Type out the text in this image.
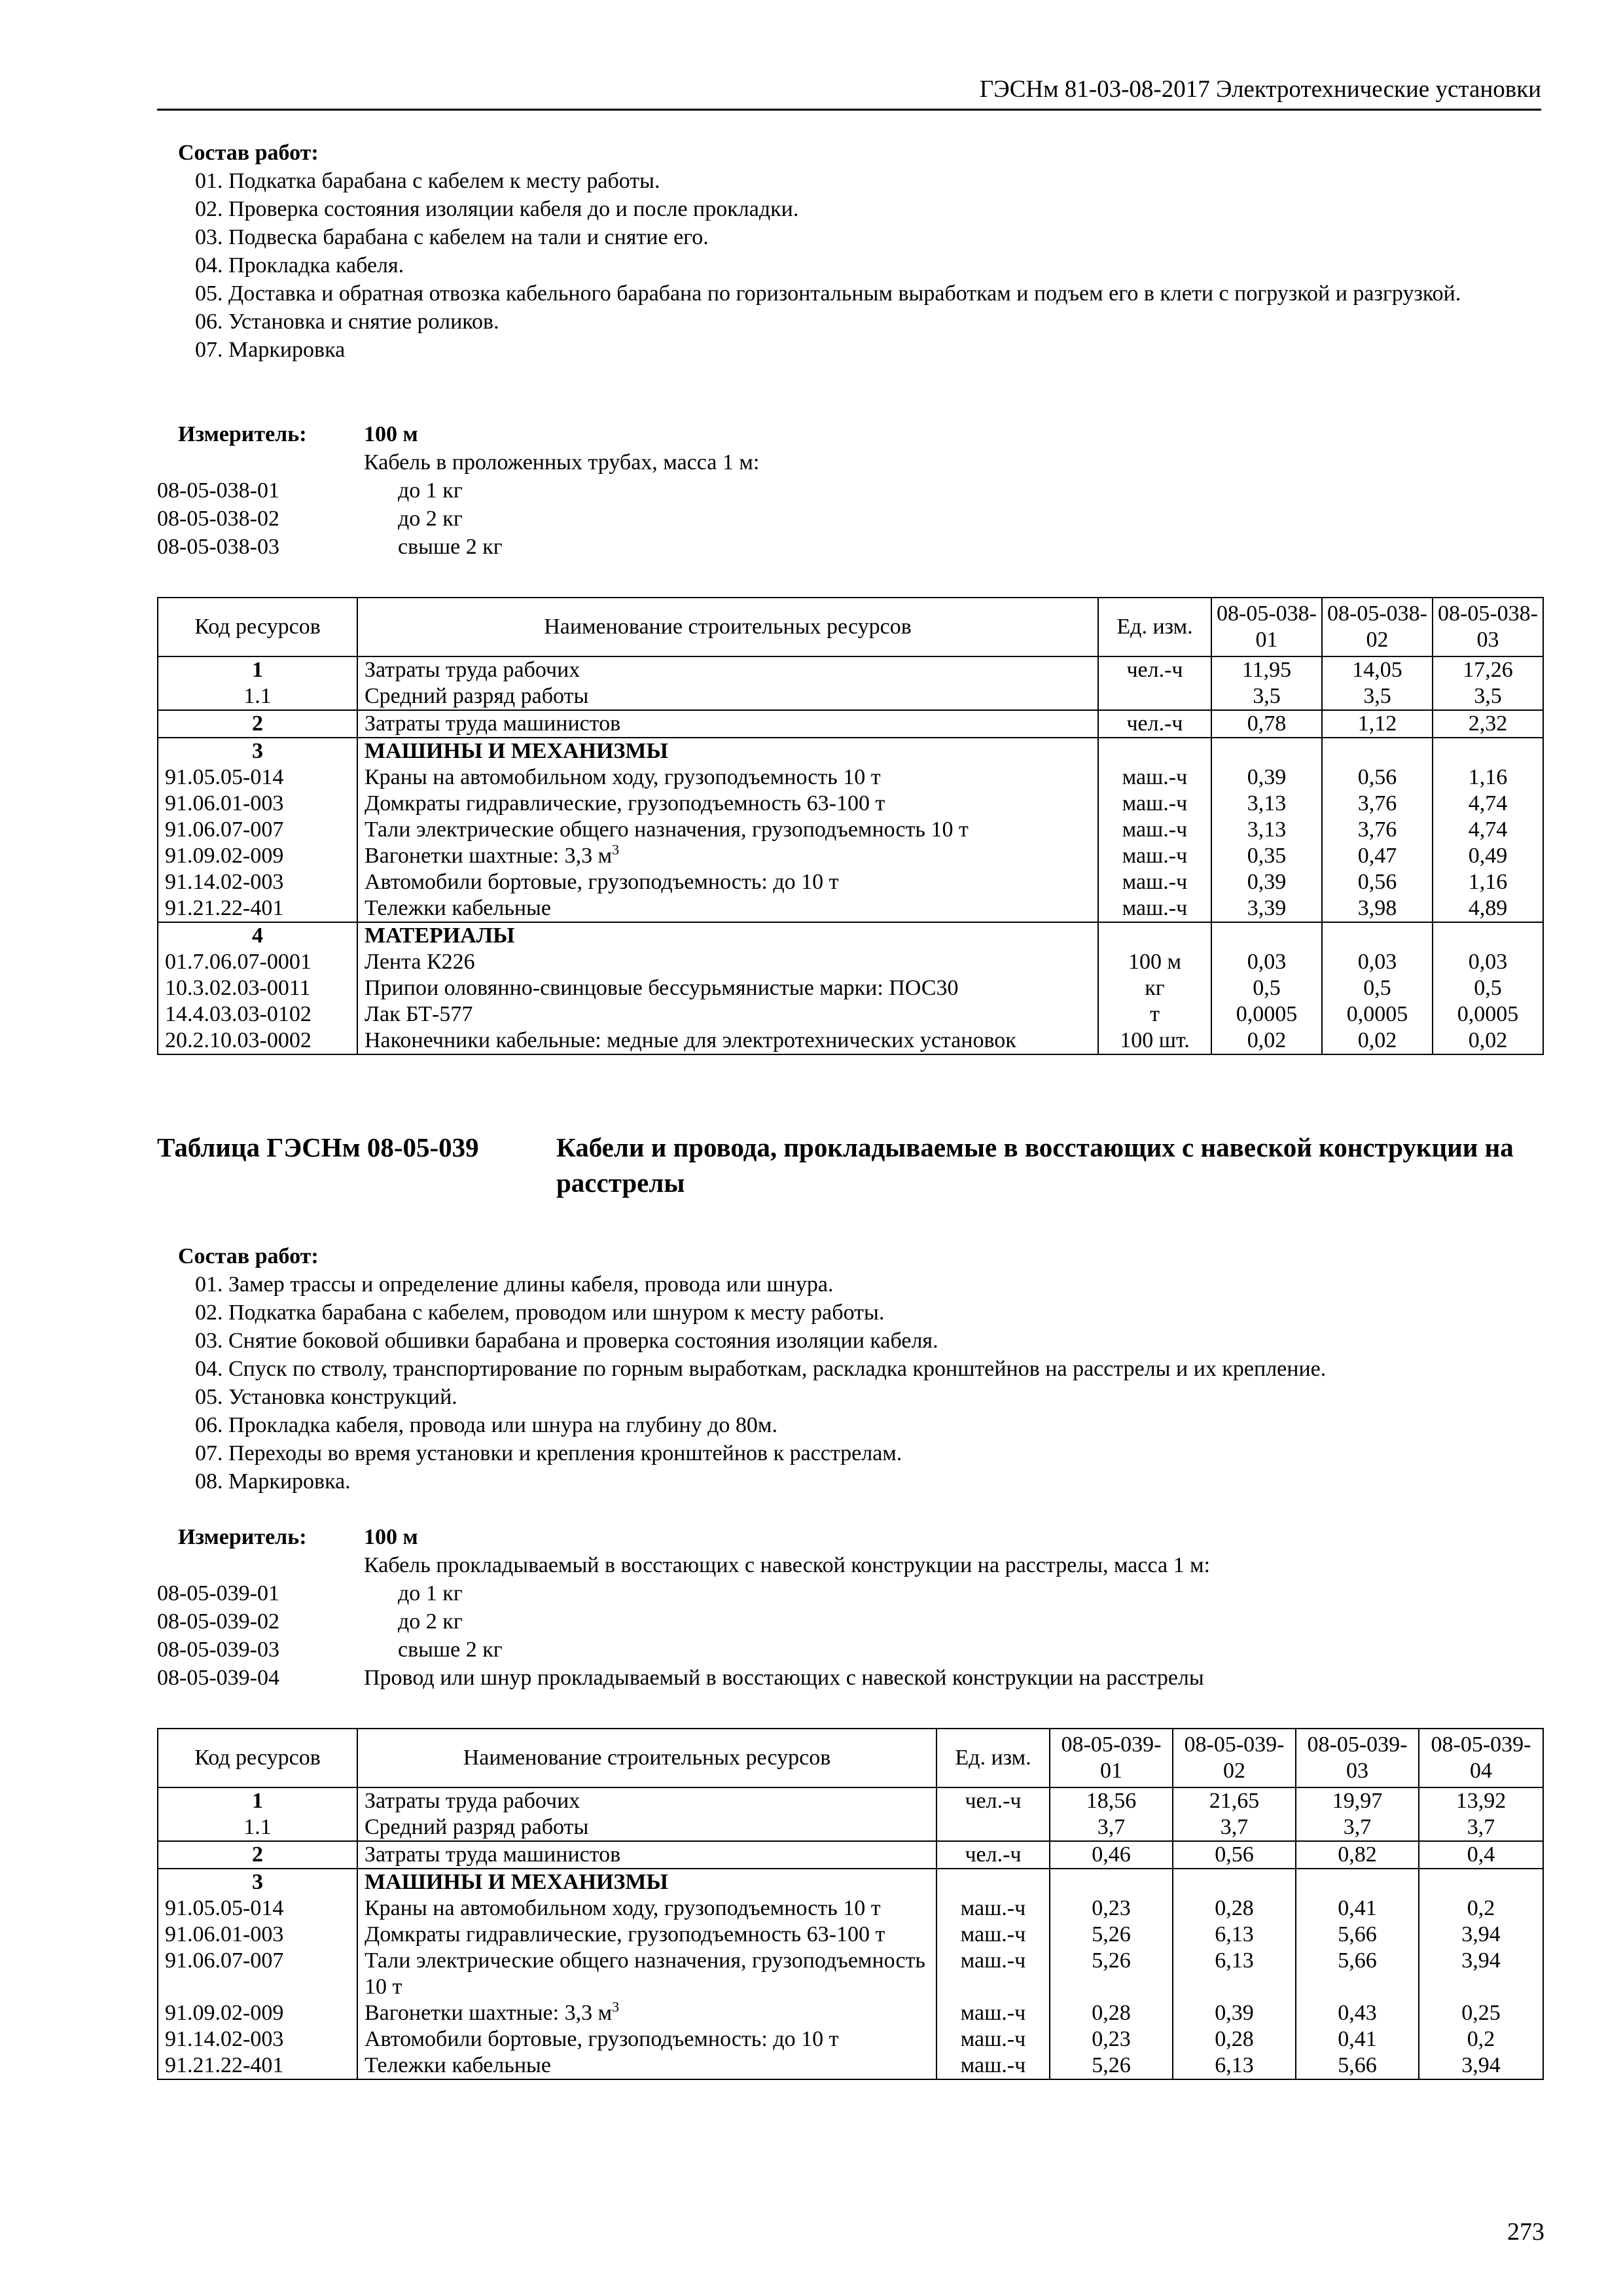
ГЭСНм 81-03-08-2017 Электротехнические установки
Состав работ:
01. Подкатка барабана с кабелем к месту работы.
02. Проверка состояния изоляции кабеля до и после прокладки.
03. Подвеска барабана с кабелем на тали и снятие его.
04. Прокладка кабеля.
05. Доставка и обратная отвозка кабельного барабана по горизонтальным выработкам и подъем его в клети с погрузкой и разгрузкой.
06. Установка и снятие роликов.
07. Маркировка
Измеритель:	100 м
Кабель в проложенных трубах, масса 1 м:
08-05-038-01	до 1 кг
08-05-038-02	до 2 кг
08-05-038-03	свыше 2 кг
Код ресурсов	Наименование строительных ресурсов	Ед. изм.	08-05-038-01	08-05-038-02	08-05-038-03
1	Затраты труда рабочих	чел.-ч	11,95	14,05	17,26
1.1	Средний разряд работы		3,5	3,5	3,5
2	Затраты труда машинистов	чел.-ч	0,78	1,12	2,32
3	МАШИНЫ И МЕХАНИЗМЫ				
91.05.05-014	Краны на автомобильном ходу, грузоподъемность 10 т	маш.-ч	0,39	0,56	1,16
91.06.01-003	Домкраты гидравлические, грузоподъемность 63-100 т	маш.-ч	3,13	3,76	4,74
91.06.07-007	Тали электрические общего назначения, грузоподъемность 10 т	маш.-ч	3,13	3,76	4,74
91.09.02-009	Вагонетки шахтные: 3,3 $м^3$	маш.-ч	0,35	0,47	0,49
91.14.02-003	Автомобили бортовые, грузоподъемность: до 10 т	маш.-ч	0,39	0,56	1,16
91.21.22-401	Тележки кабельные	маш.-ч	3,39	3,98	4,89
4	МАТЕРИАЛЫ				
01.7.06.07-0001	Лента К226	100 м	0,03	0,03	0,03
10.3.02.03-0011	Припои оловянно-свинцовые бессурьмянистые марки: ПОС30	кг	0,5	0,5	0,5
14.4.03.03-0102	Лак БТ-577	т	0,0005	0,0005	0,0005
20.2.10.03-0002	Наконечники кабельные: медные для электротехнических установок	100 шт.	0,02	0,02	0,02
Таблица ГЭСНм 08-05-039	Кабели и провода, прокладываемые в восстающих с навеской конструкции на расстрелы
Состав работ:
01. Замер трассы и определение длины кабеля, провода или шнура.
02. Подкатка барабана с кабелем, проводом или шнуром к месту работы.
03. Снятие боковой обшивки барабана и проверка состояния изоляции кабеля.
04. Спуск по стволу, транспортирование по горным выработкам, раскладка кронштейнов на расстрелы и их крепление.
05. Установка конструкций.
06. Прокладка кабеля, провода или шнура на глубину до 80м.
07. Переходы во время установки и крепления кронштейнов к расстрелам.
08. Маркировка.
Измеритель:	100 м
Кабель прокладываемый в восстающих с навеской конструкции на расстрелы, масса 1 м:
08-05-039-01	до 1 кг
08-05-039-02	до 2 кг
08-05-039-03	свыше 2 кг
08-05-039-04	Провод или шнур прокладываемый в восстающих с навеской конструкции на расстрелы
Код ресурсов	Наименование строительных ресурсов	Ед. изм.	08-05-039-01	08-05-039-02	08-05-039-03	08-05-039-04
1	Затраты труда рабочих	чел.-ч	18,56	21,65	19,97	13,92
1.1	Средний разряд работы		3,7	3,7	3,7	3,7
2	Затраты труда машинистов	чел.-ч	0,46	0,56	0,82	0,4
3	МАШИНЫ И МЕХАНИЗМЫ					
91.05.05-014	Краны на автомобильном ходу, грузоподъемность 10 т	маш.-ч	0,23	0,28	0,41	0,2
91.06.01-003	Домкраты гидравлические, грузоподъемность 63-100 т	маш.-ч	5,26	6,13	5,66	3,94
91.06.07-007	Тали электрические общего назначения, грузоподъемность 10 т	маш.-ч	5,26	6,13	5,66	3,94
91.09.02-009	Вагонетки шахтные: 3,3 $м^3$	маш.-ч	0,28	0,39	0,43	0,25
91.14.02-003	Автомобили бортовые, грузоподъемность: до 10 т	маш.-ч	0,23	0,28	0,41	0,2
91.21.22-401	Тележки кабельные	маш.-ч	5,26	6,13	5,66	3,94
273
